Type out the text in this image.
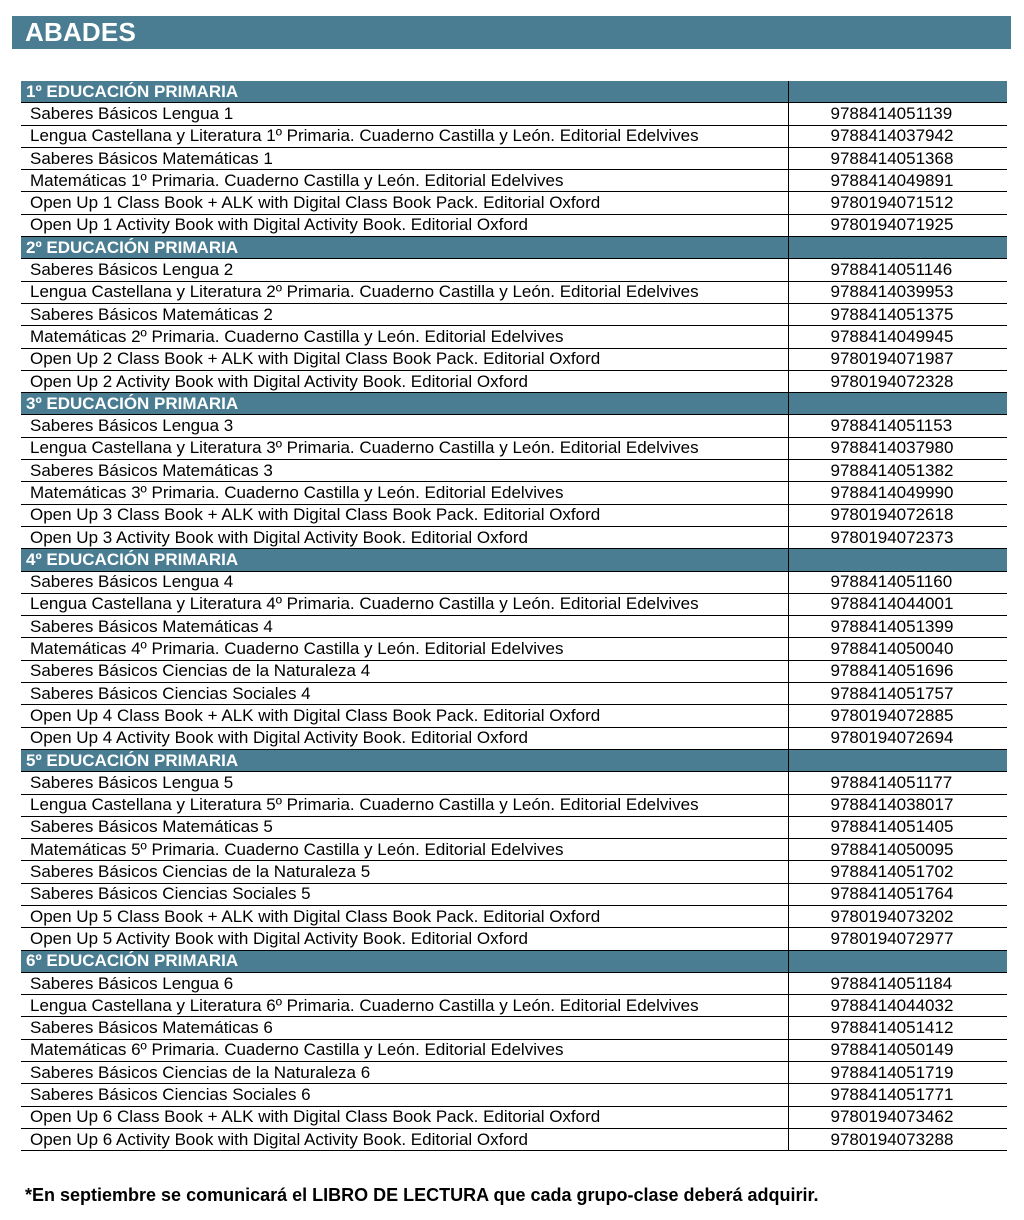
ABADES
1º EDUCACIÓN PRIMARIA	
Saberes Básicos Lengua 1	9788414051139
Lengua Castellana y Literatura 1º Primaria. Cuaderno Castilla y León. Editorial Edelvives	9788414037942
Saberes Básicos Matemáticas 1	9788414051368
Matemáticas 1º Primaria. Cuaderno Castilla y León. Editorial Edelvives	9788414049891
Open Up 1 Class Book + ALK with Digital Class Book Pack. Editorial Oxford	9780194071512
Open Up 1 Activity Book with Digital Activity Book. Editorial Oxford	9780194071925
2º EDUCACIÓN PRIMARIA	
Saberes Básicos Lengua 2	9788414051146
Lengua Castellana y Literatura 2º Primaria. Cuaderno Castilla y León. Editorial Edelvives	9788414039953
Saberes Básicos Matemáticas 2	9788414051375
Matemáticas 2º Primaria. Cuaderno Castilla y León. Editorial Edelvives	9788414049945
Open Up 2 Class Book + ALK with Digital Class Book Pack. Editorial Oxford	9780194071987
Open Up 2 Activity Book with Digital Activity Book. Editorial Oxford	9780194072328
3º EDUCACIÓN PRIMARIA	
Saberes Básicos Lengua 3	9788414051153
Lengua Castellana y Literatura 3º Primaria. Cuaderno Castilla y León. Editorial Edelvives	9788414037980
Saberes Básicos Matemáticas 3	9788414051382
Matemáticas 3º Primaria. Cuaderno Castilla y León. Editorial Edelvives	9788414049990
Open Up 3 Class Book + ALK with Digital Class Book Pack. Editorial Oxford	9780194072618
Open Up 3 Activity Book with Digital Activity Book. Editorial Oxford	9780194072373
4º EDUCACIÓN PRIMARIA	
Saberes Básicos Lengua 4	9788414051160
Lengua Castellana y Literatura 4º Primaria. Cuaderno Castilla y León. Editorial Edelvives	9788414044001
Saberes Básicos Matemáticas 4	9788414051399
Matemáticas 4º Primaria. Cuaderno Castilla y León. Editorial Edelvives	9788414050040
Saberes Básicos Ciencias de la Naturaleza 4	9788414051696
Saberes Básicos Ciencias Sociales 4	9788414051757
Open Up 4 Class Book + ALK with Digital Class Book Pack. Editorial Oxford	9780194072885
Open Up 4 Activity Book with Digital Activity Book. Editorial Oxford	9780194072694
5º EDUCACIÓN PRIMARIA	
Saberes Básicos Lengua 5	9788414051177
Lengua Castellana y Literatura 5º Primaria. Cuaderno Castilla y León. Editorial Edelvives	9788414038017
Saberes Básicos Matemáticas 5	9788414051405
Matemáticas 5º Primaria. Cuaderno Castilla y León. Editorial Edelvives	9788414050095
Saberes Básicos Ciencias de la Naturaleza 5	9788414051702
Saberes Básicos Ciencias Sociales 5	9788414051764
Open Up 5 Class Book + ALK with Digital Class Book Pack. Editorial Oxford	9780194073202
Open Up 5 Activity Book with Digital Activity Book. Editorial Oxford	9780194072977
6º EDUCACIÓN PRIMARIA	
Saberes Básicos Lengua 6	9788414051184
Lengua Castellana y Literatura 6º Primaria. Cuaderno Castilla y León. Editorial Edelvives	9788414044032
Saberes Básicos Matemáticas 6	9788414051412
Matemáticas 6º Primaria. Cuaderno Castilla y León. Editorial Edelvives	9788414050149
Saberes Básicos Ciencias de la Naturaleza 6	9788414051719
Saberes Básicos Ciencias Sociales 6	9788414051771
Open Up 6 Class Book + ALK with Digital Class Book Pack. Editorial Oxford	9780194073462
Open Up 6 Activity Book with Digital Activity Book. Editorial Oxford	9780194073288
*En septiembre se comunicará el LIBRO DE LECTURA que cada grupo-clase deberá adquirir.
